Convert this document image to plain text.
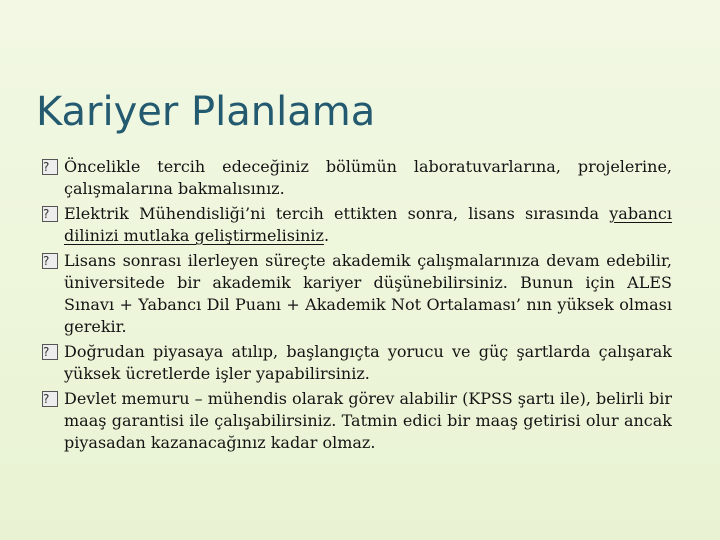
Kariyer Planlama
? Öncelikle tercih edeceğiniz bölümün laboratuvarlarına, projelerine, çalışmalarına bakmalısınız.
? Elektrik Mühendisliği’ni tercih ettikten sonra, lisans sırasında yabancı dilinizi mutlaka geliştirmelisiniz.
? Lisans sonrası ilerleyen süreçte akademik çalışmalarınıza devam edebilir, üniversitede bir akademik kariyer düşünebilirsiniz. Bunun için ALES Sınavı + Yabancı Dil Puanı + Akademik Not Ortalaması’ nın yüksek olması gerekir.
? Doğrudan piyasaya atılıp, başlangıçta yorucu ve güç şartlarda çalışarak yüksek ücretlerde işler yapabilirsiniz.
? Devlet memuru – mühendis olarak görev alabilir (KPSS şartı ile), belirli bir maaş garantisi ile çalışabilirsiniz. Tatmin edici bir maaş getirisi olur ancak piyasadan kazanacağınız kadar olmaz.
